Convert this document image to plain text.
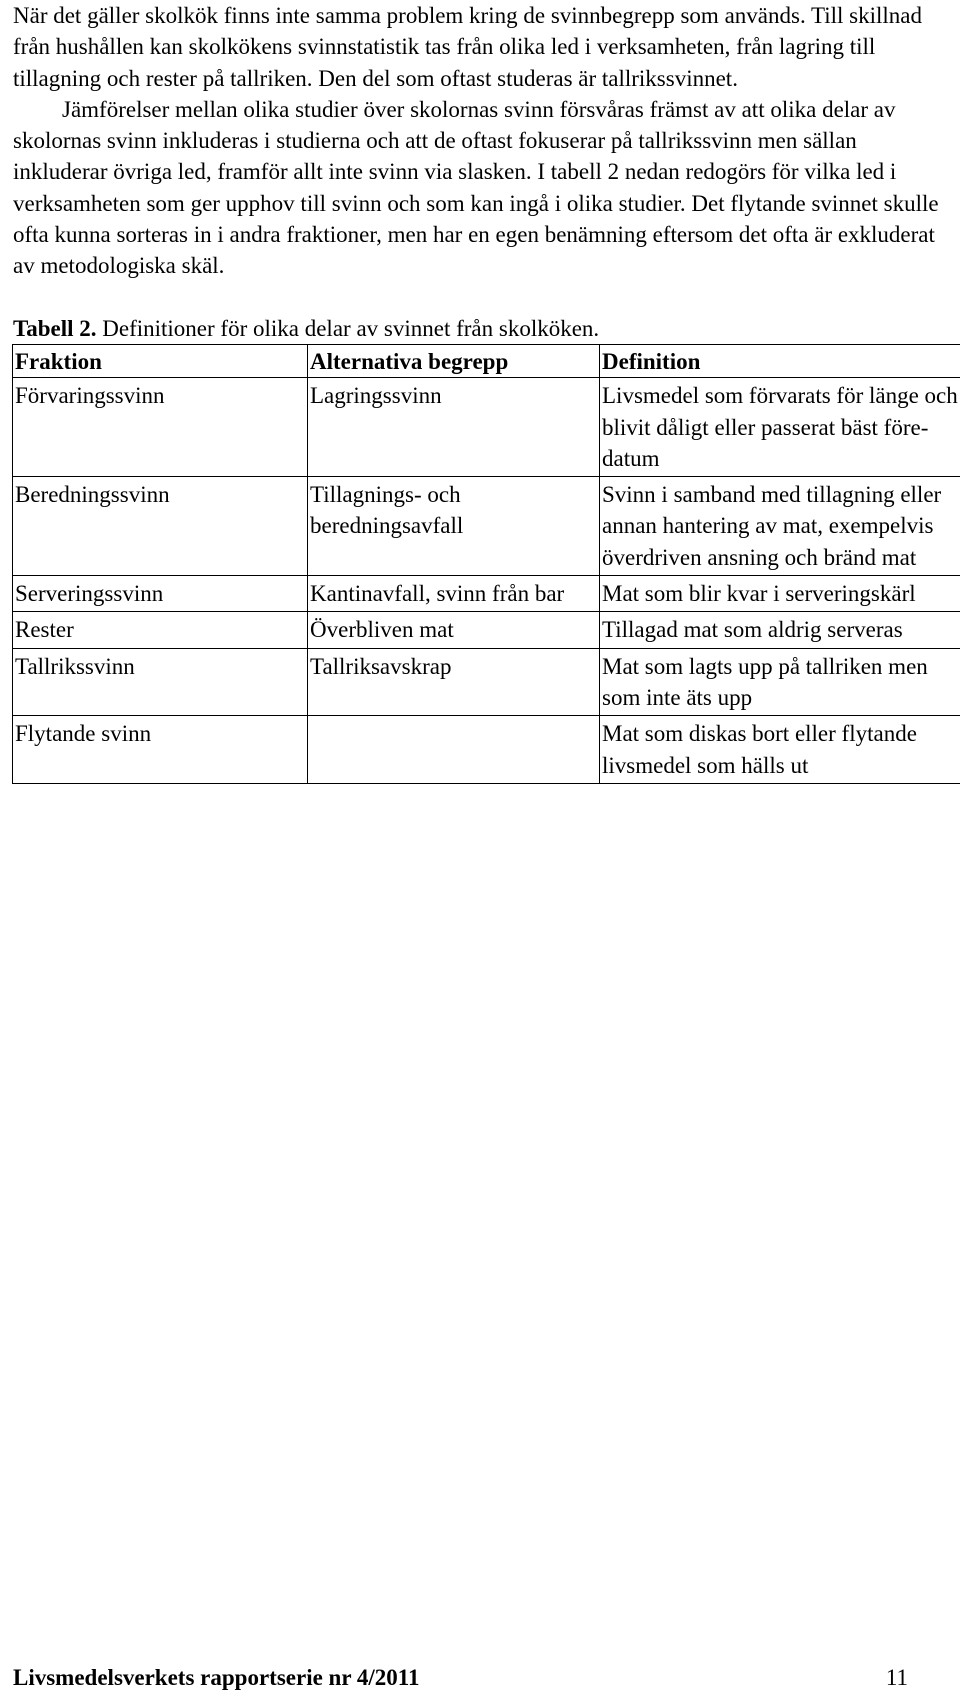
När det gäller skolkök finns inte samma problem kring de svinnbegrepp som används. Till skillnad från hushållen kan skolkökens svinnstatistik tas från olika led i verksamheten, från lagring till tillagning och rester på tallriken. Den del som oftast studeras är tallrikssvinnet.

Jämförelser mellan olika studier över skolornas svinn försvåras främst av att olika delar av skolornas svinn inkluderas i studierna och att de oftast fokuserar på tallrikssvinn men sällan inkluderar övriga led, framför allt inte svinn via slasken. I tabell 2 nedan redogörs för vilka led i verksamheten som ger upphov till svinn och som kan ingå i olika studier. Det flytande svinnet skulle ofta kunna sorteras in i andra fraktioner, men har en egen benämning eftersom det ofta är exkluderat av metodologiska skäl.

Tabell 2. Definitioner för olika delar av svinnet från skolköken.

Fraktion	Alternativa begrepp	Definition
Förvaringssvinn	Lagringssvinn	Livsmedel som förvarats för länge och blivit dåligt eller passerat bäst före-datum
Beredningssvinn	Tillagnings- och beredningsavfall	Svinn i samband med tillagning eller annan hantering av mat, exempelvis överdriven ansning och bränd mat
Serveringssvinn	Kantinavfall, svinn från bar	Mat som blir kvar i serveringskärl
Rester	Överbliven mat	Tillagad mat som aldrig serveras
Tallrikssvinn	Tallriksavskrap	Mat som lagts upp på tallriken men som inte äts upp
Flytande svinn		Mat som diskas bort eller flytande livsmedel som hälls ut
Livsmedelsverkets rapportserie nr 4/2011	11
